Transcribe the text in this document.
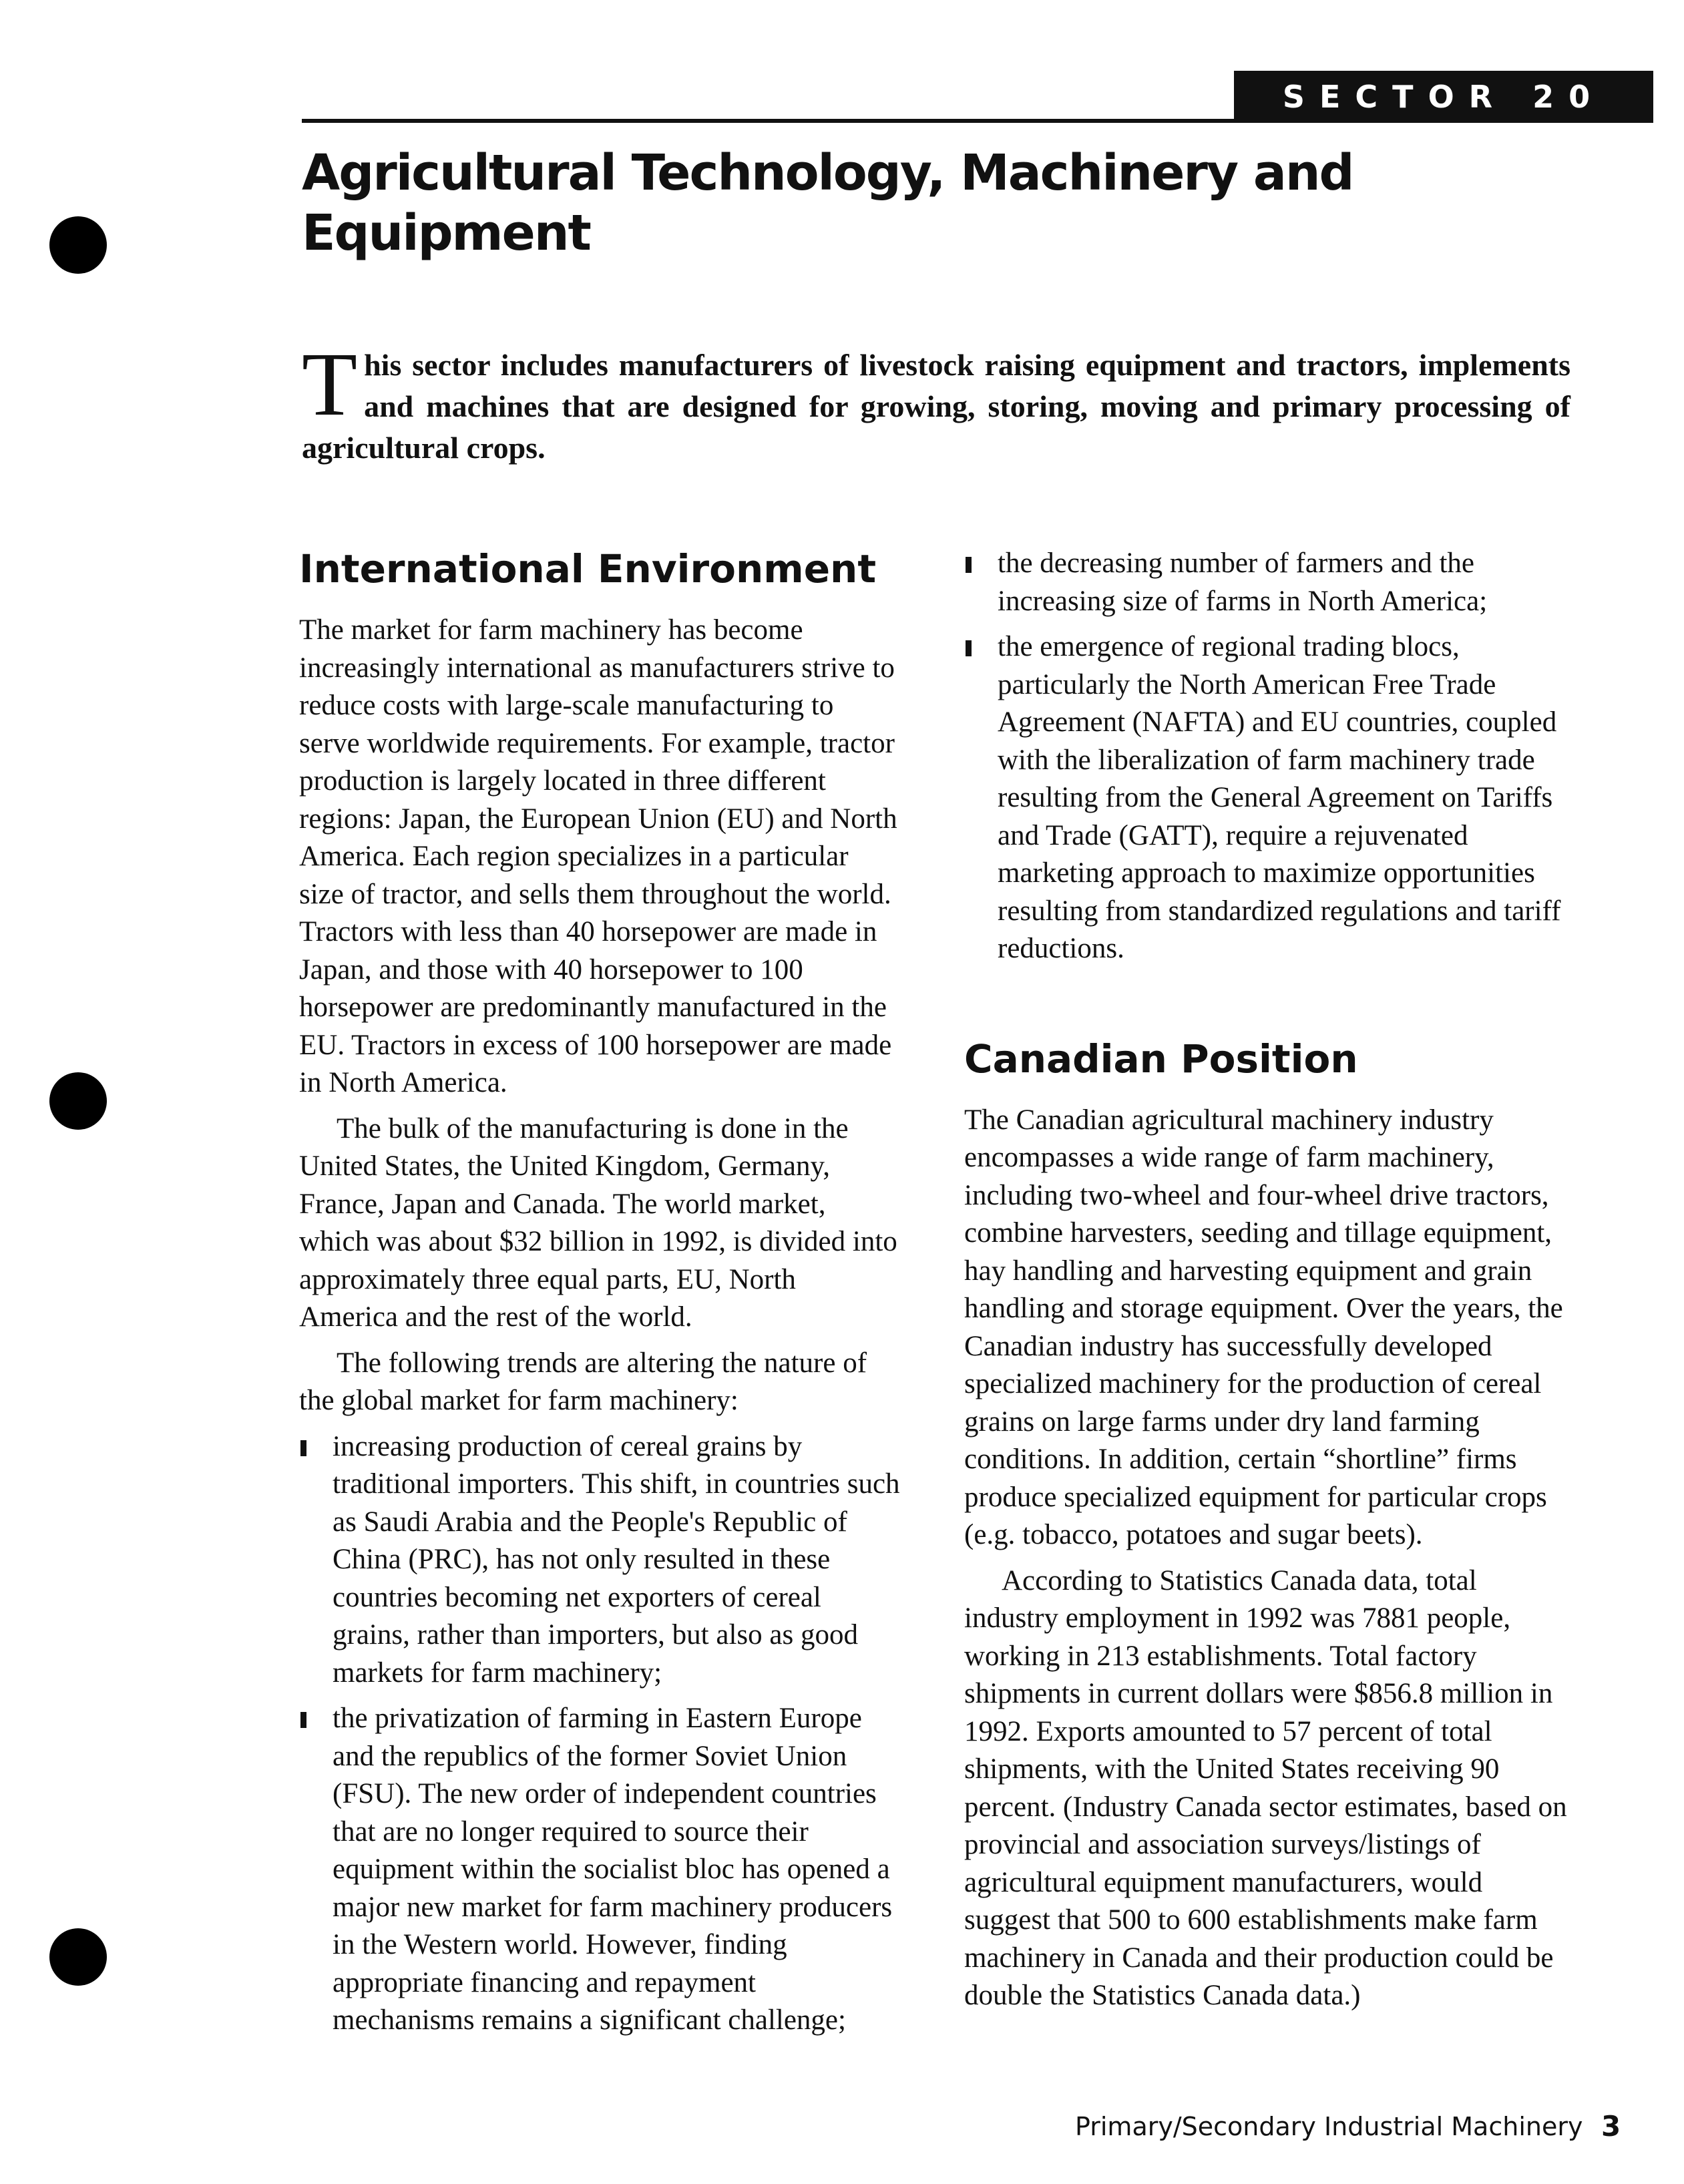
SECTOR 20
Agricultural Technology, Machinery and Equipment

This sector includes manufacturers of livestock raising equipment and tractors, implements and machines that are designed for growing, storing, moving and primary processing of agricultural crops.

International Environment

The market for farm machinery has become increasingly international as manufacturers strive to reduce costs with large-scale manufacturing to serve worldwide requirements. For example, tractor production is largely located in three different regions: Japan, the European Union (EU) and North America. Each region specializes in a particular size of tractor, and sells them throughout the world. Tractors with less than 40 horsepower are made in Japan, and those with 40 horsepower to 100 horsepower are predominantly manufactured in the EU. Tractors in excess of 100 horsepower are made in North America.

The bulk of the manufacturing is done in the United States, the United Kingdom, Germany, France, Japan and Canada. The world market, which was about $32 billion in 1992, is divided into approximately three equal parts, EU, North America and the rest of the world.

The following trends are altering the nature of the global market for farm machinery:

increasing production of cereal grains by traditional importers. This shift, in countries such as Saudi Arabia and the People's Republic of China (PRC), has not only resulted in these countries becoming net exporters of cereal grains, rather than importers, but also as good markets for farm machinery;
the privatization of farming in Eastern Europe and the republics of the former Soviet Union (FSU). The new order of independent countries that are no longer required to source their equipment within the socialist bloc has opened a major new market for farm machinery producers in the Western world. However, finding appropriate financing and repayment mechanisms remains a significant challenge;
the decreasing number of farmers and the increasing size of farms in North America;
the emergence of regional trading blocs, particularly the North American Free Trade Agreement (NAFTA) and EU countries, coupled with the liberalization of farm machinery trade resulting from the General Agreement on Tariffs and Trade (GATT), require a rejuvenated marketing approach to maximize opportunities resulting from standardized regulations and tariff reductions.
Canadian Position

The Canadian agricultural machinery industry encompasses a wide range of farm machinery, including two-wheel and four-wheel drive tractors, combine harvesters, seeding and tillage equipment, hay handling and harvesting equipment and grain handling and storage equipment. Over the years, the Canadian industry has successfully developed specialized machinery for the production of cereal grains on large farms under dry land farming conditions. In addition, certain “shortline” firms produce specialized equipment for particular crops (e.g. tobacco, potatoes and sugar beets).

According to Statistics Canada data, total industry employment in 1992 was 7881 people, working in 213 establishments. Total factory shipments in current dollars were $856.8 million in 1992. Exports amounted to 57 percent of total shipments, with the United States receiving 90 percent. (Industry Canada sector estimates, based on provincial and association surveys/listings of agricultural equipment manufacturers, would suggest that 500 to 600 establishments make farm machinery in Canada and their production could be double the Statistics Canada data.)

Primary/Secondary Industrial Machinery 3
